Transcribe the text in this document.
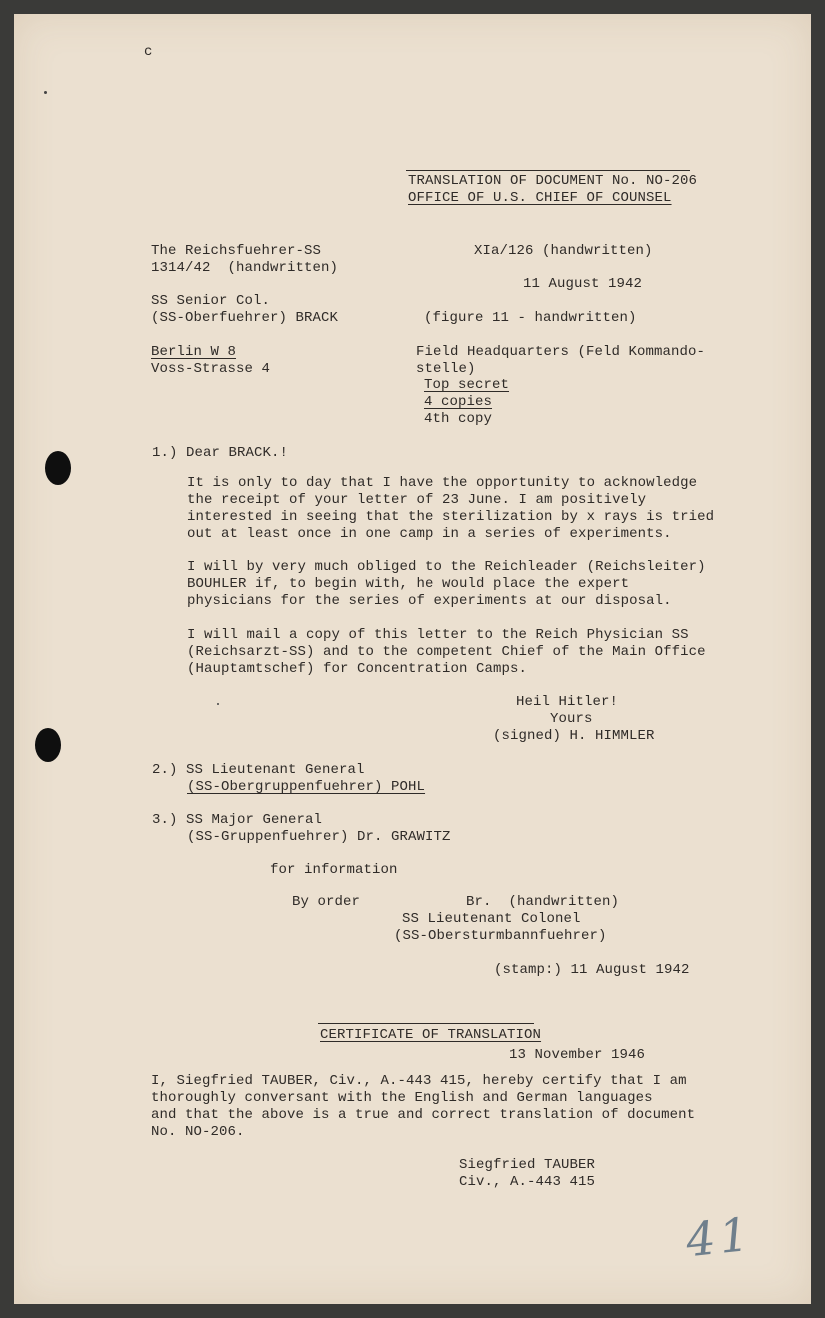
c
TRANSLATION OF DOCUMENT No. NO-206
OFFICE OF U.S. CHIEF OF COUNSEL
The Reichsfuehrer-SS
1314/42  (handwritten)
SS Senior Col.
(SS-Oberfuehrer) BRACK
Berlin W 8
Voss-Strasse 4
XIa/126 (handwritten)
11 August 1942
(figure 11 - handwritten)
Field Headquarters (Feld Kommando-
stelle)
Top secret
4 copies
4th copy
1.) Dear BRACK.!
It is only to day that I have the opportunity to acknowledge
the receipt of your letter of 23 June. I am positively
interested in seeing that the sterilization by x rays is tried
out at least once in one camp in a series of experiments.
I will by very much obliged to the Reichleader (Reichsleiter)
BOUHLER if, to begin with, he would place the expert
physicians for the series of experiments at our disposal.
I will mail a copy of this letter to the Reich Physician SS
(Reichsarzt-SS) and to the competent Chief of the Main Office
(Hauptamtschef) for Concentration Camps.
Heil Hitler!
Yours
(signed) H. HIMMLER
2.) SS Lieutenant General
(SS-Obergruppenfuehrer) POHL
3.) SS Major General
(SS-Gruppenfuehrer) Dr. GRAWITZ
for information
By order	Br.  (handwritten)
SS Lieutenant Colonel
(SS-Obersturmbannfuehrer)
(stamp:) 11 August 1942
CERTIFICATE OF TRANSLATION
13 November 1946
I, Siegfried TAUBER, Civ., A.-443 415, hereby certify that I am
thoroughly conversant with the English and German languages
and that the above is a true and correct translation of document
No. NO-206.
Siegfried TAUBER
Civ., A.-443 415
41
